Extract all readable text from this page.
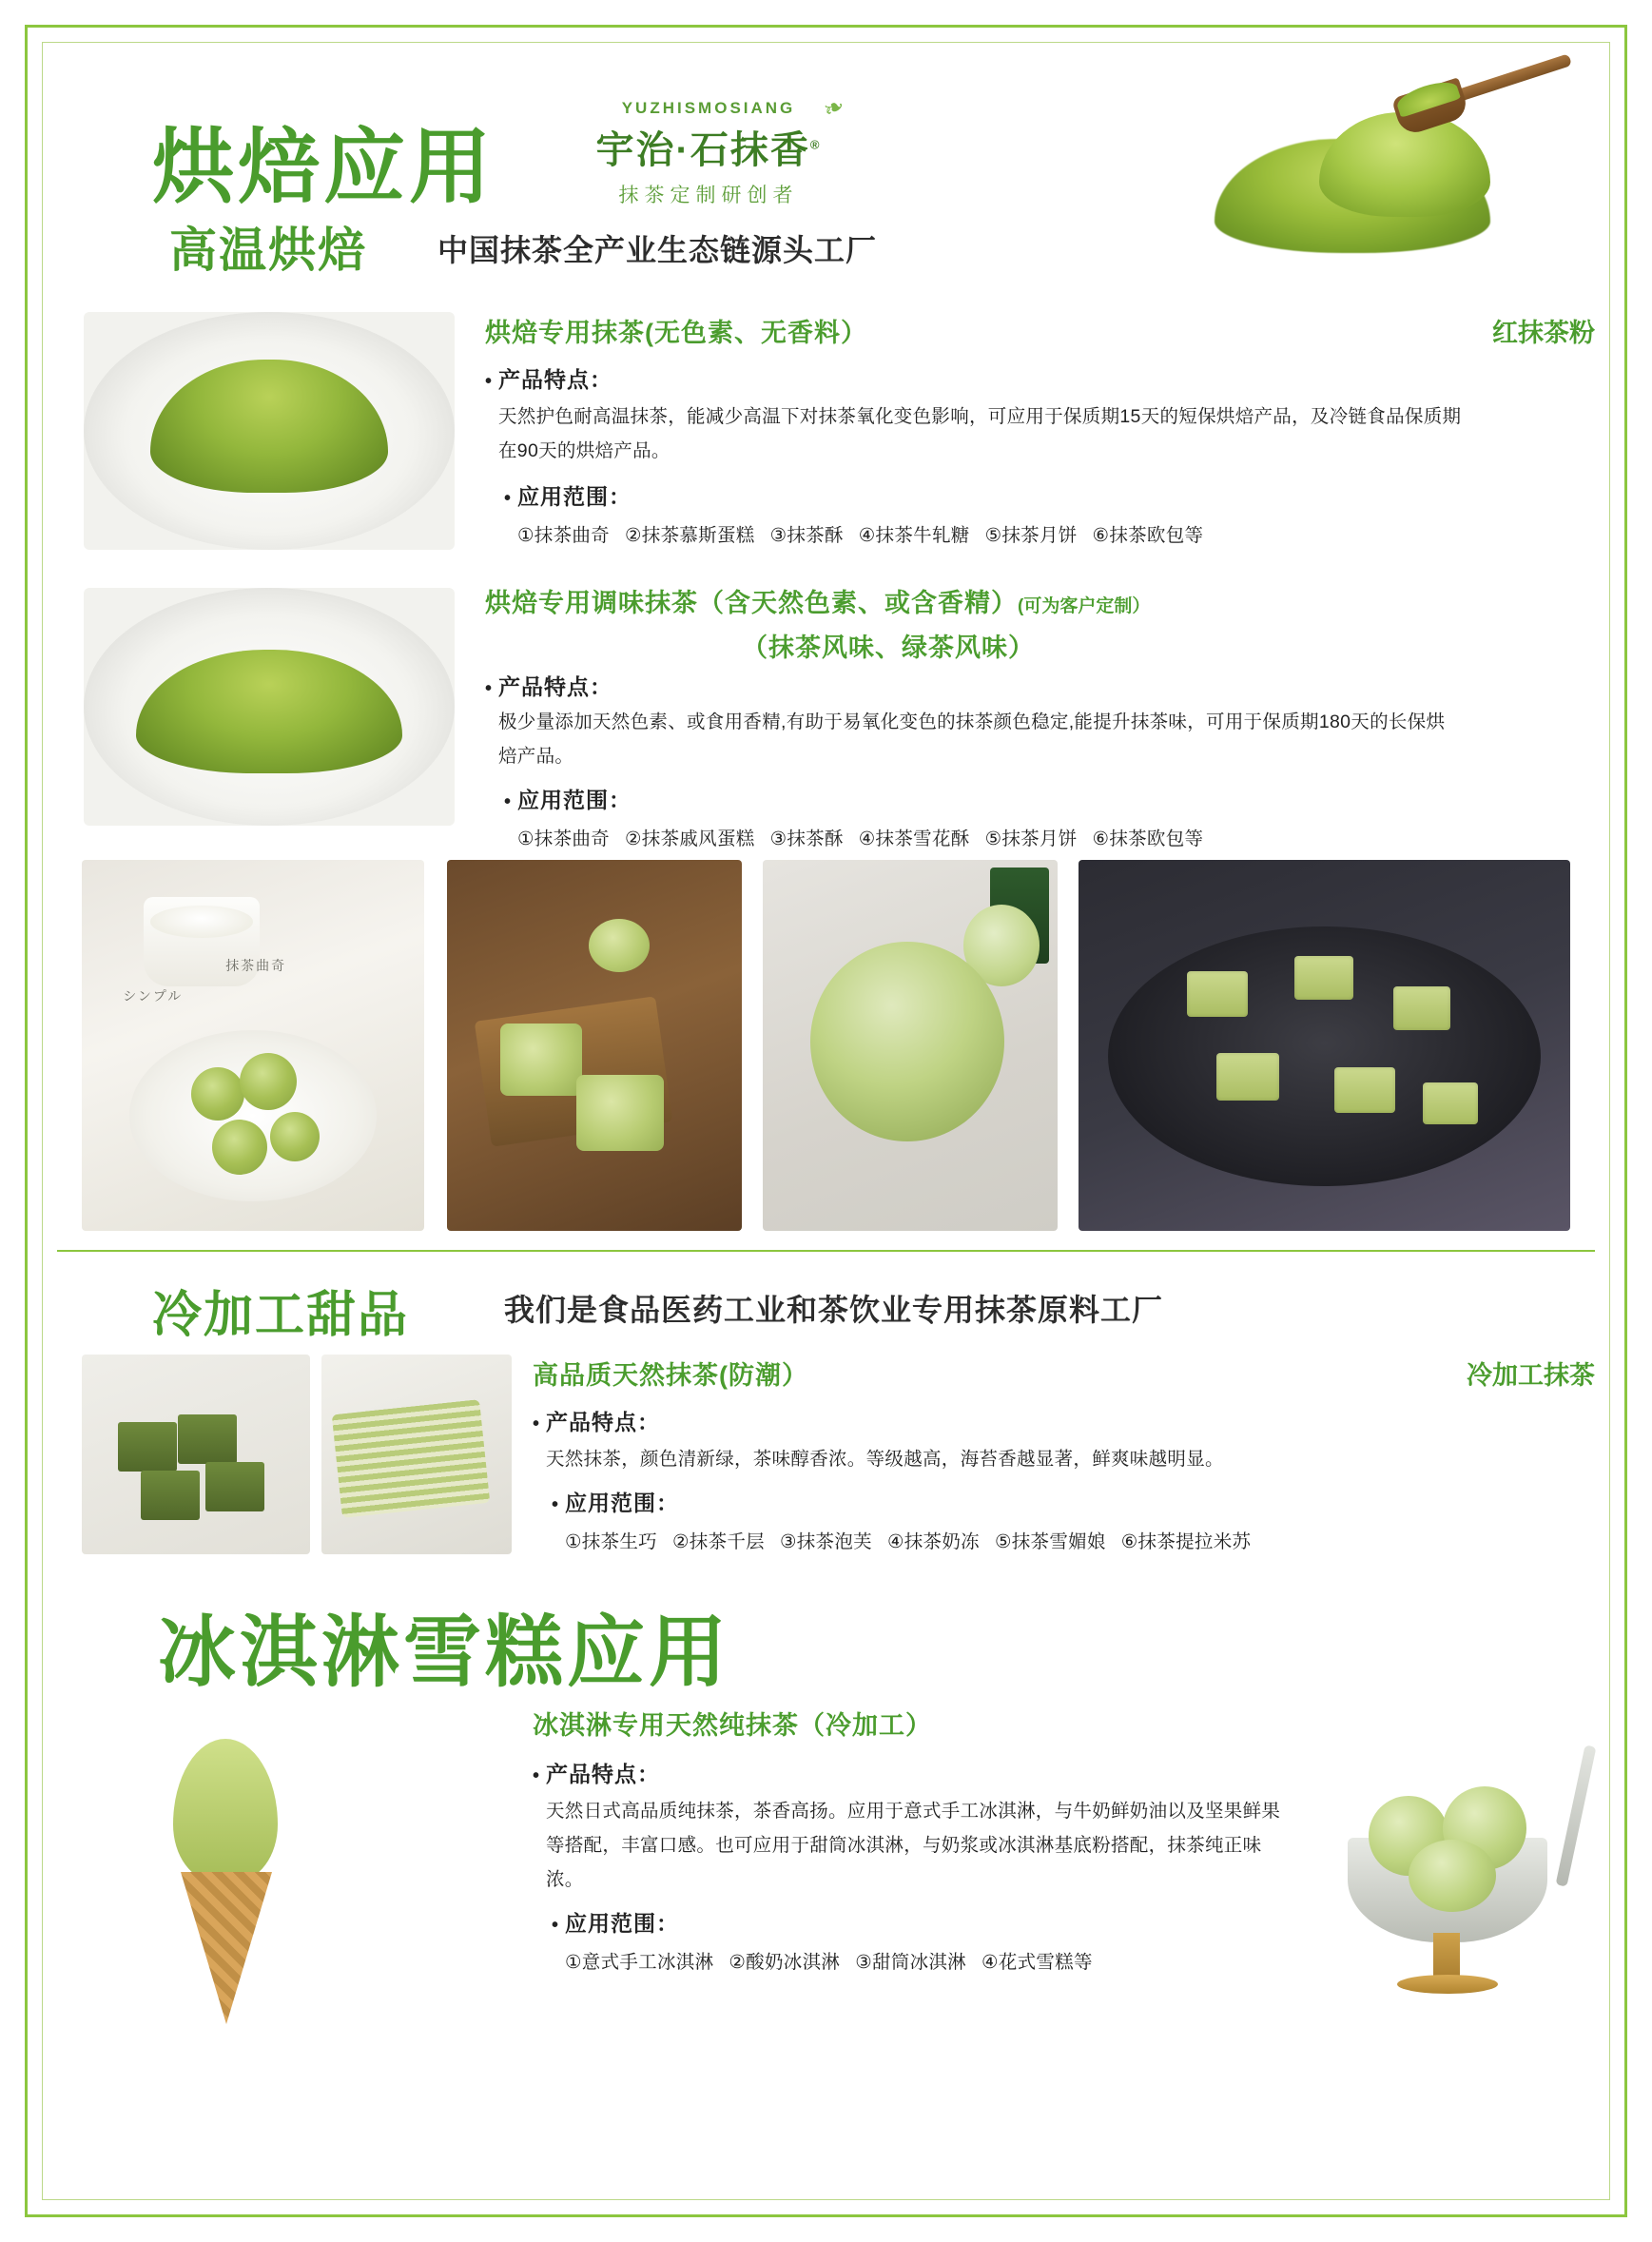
烘焙应用
高温烘焙 中国抹茶全产业生态链源头工厂
YUZHISMOSIANG
宇治·石抹香®
❧
抹茶定制研创者
烘焙专用抹茶(无色素、无香料）	红抹茶粉
• 产品特点：
天然护色耐高温抹茶，能减少高温下对抹茶氧化变色影响，可应用于保质期15天的短保烘焙产品，及冷链食品保质期在90天的烘焙产品。
• 应用范围：
①抹茶曲奇 ②抹茶慕斯蛋糕 ③抹茶酥 ④抹茶牛轧糖 ⑤抹茶月饼 ⑥抹茶欧包等
烘焙专用调味抹茶（含天然色素、或含香精） (可为客户定制）
（抹茶风味、绿茶风味）
• 产品特点：
极少量添加天然色素、或食用香精,有助于易氧化变色的抹茶颜色稳定,能提升抹茶味，可用于保质期180天的长保烘焙产品。
• 应用范围：
①抹茶曲奇 ②抹茶戚风蛋糕 ③抹茶酥 ④抹茶雪花酥 ⑤抹茶月饼 ⑥抹茶欧包等
シンプル
抹茶曲奇
冷加工甜品	我们是食品医药工业和茶饮业专用抹茶原料工厂
高品质天然抹茶(防潮）	冷加工抹茶
• 产品特点：
天然抹茶，颜色清新绿，茶味醇香浓。等级越高，海苔香越显著，鲜爽味越明显。
• 应用范围：
①抹茶生巧 ②抹茶千层 ③抹茶泡芙 ④抹茶奶冻 ⑤抹茶雪媚娘 ⑥抹茶提拉米苏
冰淇淋雪糕应用
冰淇淋专用天然纯抹茶（冷加工）
• 产品特点：
天然日式高品质纯抹茶，茶香高扬。应用于意式手工冰淇淋，与牛奶鲜奶油以及坚果鲜果等搭配，丰富口感。也可应用于甜筒冰淇淋，与奶浆或冰淇淋基底粉搭配，抹茶纯正味浓。
• 应用范围：
①意式手工冰淇淋 ②酸奶冰淇淋 ③甜筒冰淇淋 ④花式雪糕等
